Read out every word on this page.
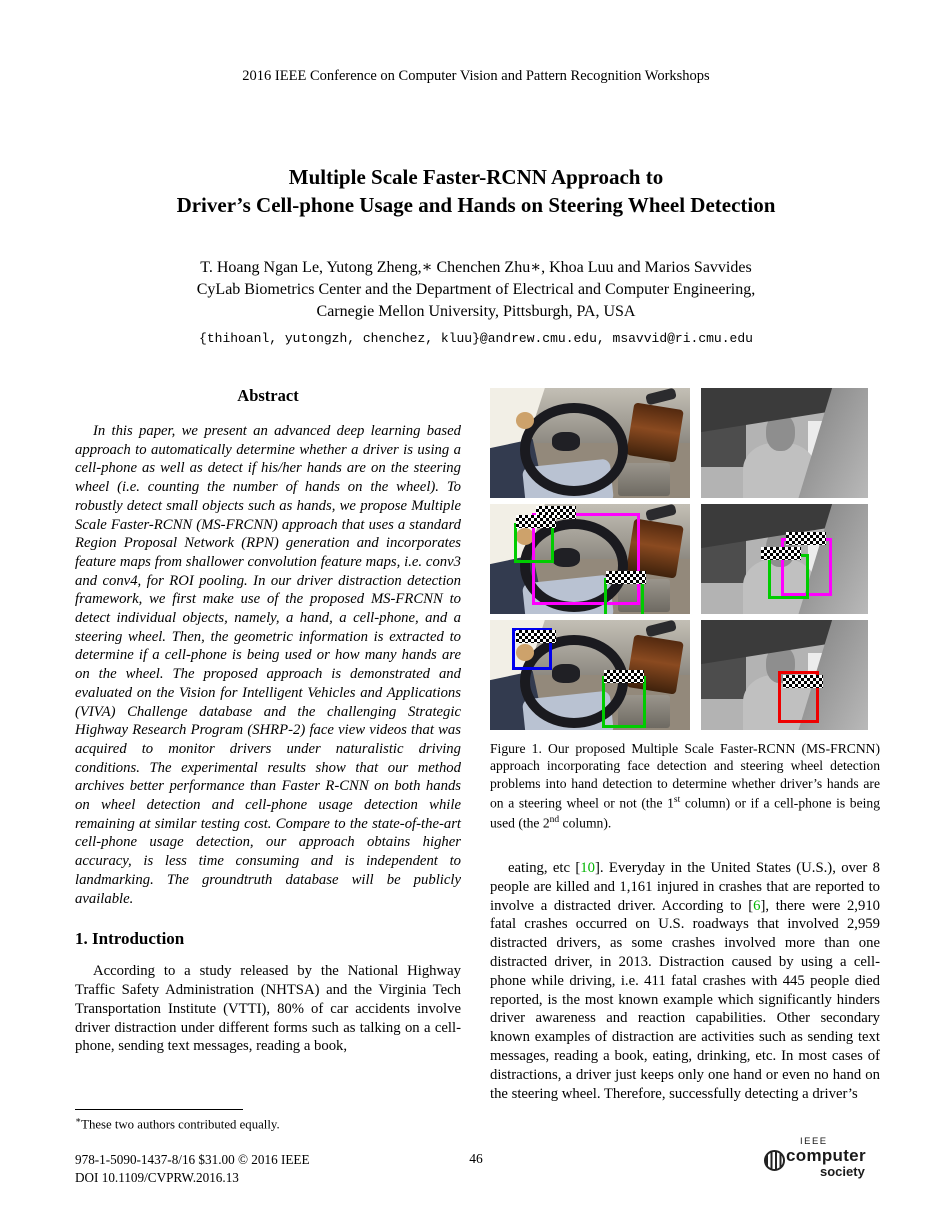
2016 IEEE Conference on Computer Vision and Pattern Recognition Workshops
Multiple Scale Faster-RCNN Approach to
Driver’s Cell-phone Usage and Hands on Steering Wheel Detection
T. Hoang Ngan Le, Yutong Zheng,∗ Chenchen Zhu∗, Khoa Luu and Marios Savvides
CyLab Biometrics Center and the Department of Electrical and Computer Engineering,
Carnegie Mellon University, Pittsburgh, PA, USA
{thihoanl, yutongzh, chenchez, kluu}@andrew.cmu.edu, msavvid@ri.cmu.edu
Abstract

In this paper, we present an advanced deep learning based approach to automatically determine whether a driver is using a cell-phone as well as detect if his/her hands are on the steering wheel (i.e. counting the number of hands on the wheel). To robustly detect small objects such as hands, we propose Multiple Scale Faster-RCNN (MS-FRCNN) approach that uses a standard Region Proposal Network (RPN) generation and incorporates feature maps from shallower convolution feature maps, i.e. conv3 and conv4, for ROI pooling. In our driver distraction detection framework, we first make use of the proposed MS-FRCNN to detect individual objects, namely, a hand, a cell-phone, and a steering wheel. Then, the geometric information is extracted to determine if a cell-phone is being used or how many hands are on the wheel. The proposed approach is demonstrated and evaluated on the Vision for Intelligent Vehicles and Applications (VIVA) Challenge database and the challenging Strategic Highway Research Program (SHRP-2) face view videos that was acquired to monitor drivers under naturalistic driving conditions. The experimental results show that our method archives better performance than Faster R-CNN on both hands on wheel detection and cell-phone usage detection while remaining at similar testing cost. Compare to the state-of-the-art cell-phone usage detection, our approach obtains higher accuracy, is less time consuming and is independent to landmarking. The groundtruth database will be publicly available.

1. Introduction

According to a study released by the National Highway Traffic Safety Administration (NHTSA) and the Virginia Tech Transportation Institute (VTTI), 80% of car accidents involve driver distraction under different forms such as talking on a cell-phone, sending text messages, reading a book,

∗These two authors contributed equally.
Figure 1. Our proposed Multiple Scale Faster-RCNN (MS-FRCNN) approach incorporating face detection and steering wheel detection problems into hand detection to determine whether driver’s hands are on a steering wheel or not (the 1st column) or if a cell-phone is being used (the 2nd column).

eating, etc [10]. Everyday in the United States (U.S.), over 8 people are killed and 1,161 injured in crashes that are reported to involve a distracted driver. According to [6], there were 2,910 fatal crashes occurred on U.S. roadways that involved 2,959 distracted drivers, as some crashes involved more than one distracted driver, in 2013. Distraction caused by using a cell-phone while driving, i.e. 411 fatal crashes with 445 people died reported, is the most known example which significantly hinders driver awareness and reaction capabilities. Other secondary known examples of distraction are activities such as sending text messages, reading a book, eating, drinking, etc. In most cases of distractions, a driver just keeps only one hand or even no hand on the steering wheel. Therefore, successfully detecting a driver’s

978-1-5090-1437-8/16 $31.00 © 2016 IEEE
DOI 10.1109/CVPRW.2016.13
46
IEEE
computer
society
